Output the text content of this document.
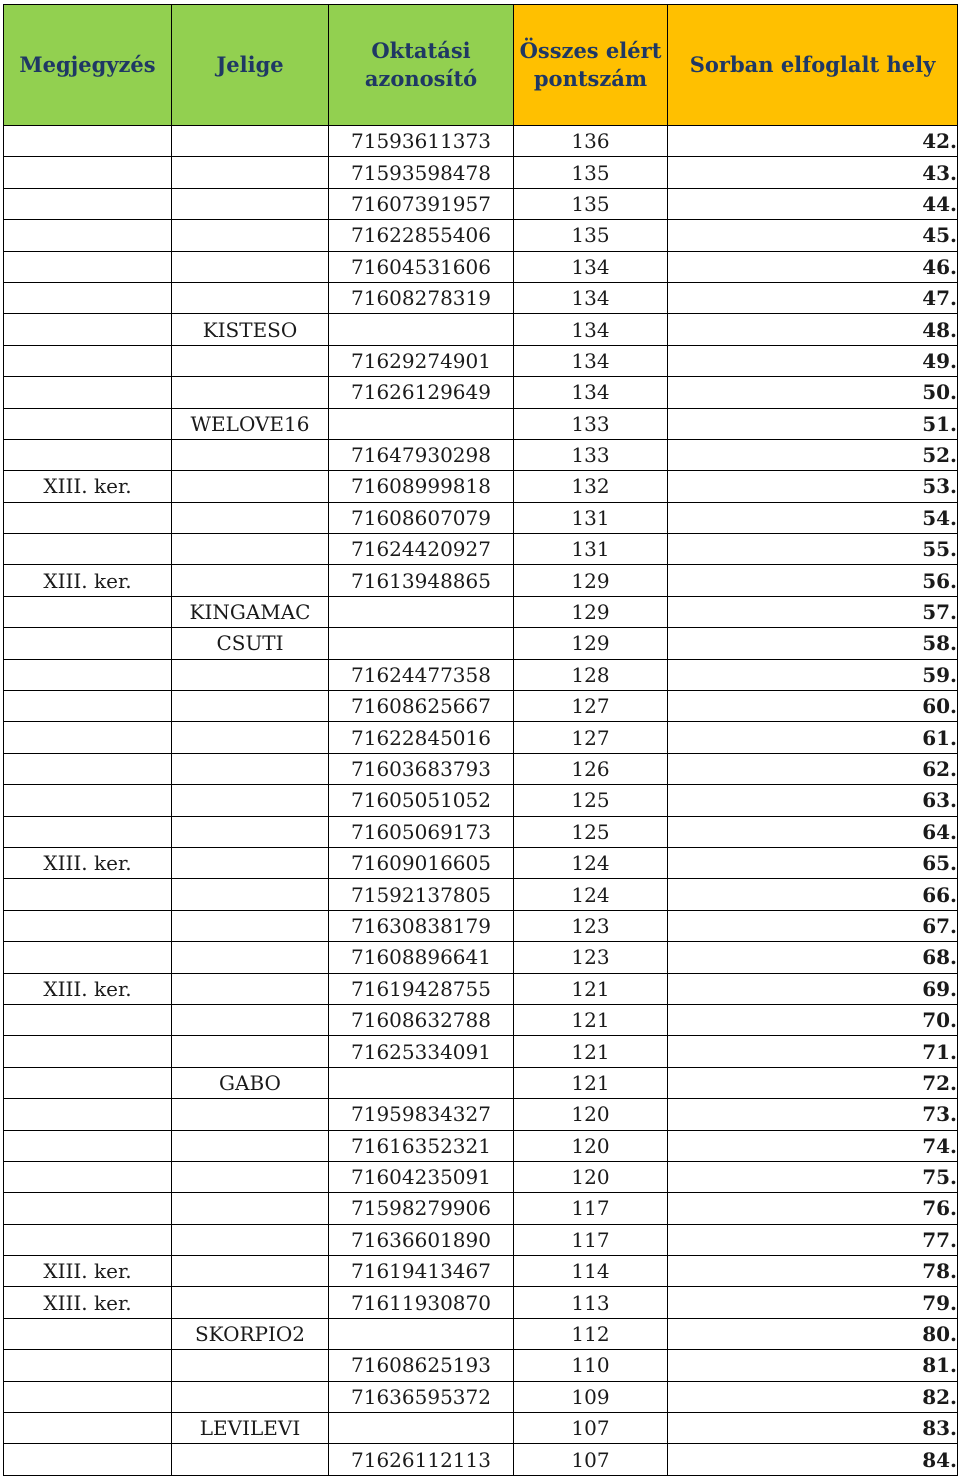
Megjegyzés	Jelige	Oktatási azonosító	Összes elért pontszám	Sorban elfoglalt hely
		71593611373	136	42.
		71593598478	135	43.
		71607391957	135	44.
		71622855406	135	45.
		71604531606	134	46.
		71608278319	134	47.
	KISTESO		134	48.
		71629274901	134	49.
		71626129649	134	50.
	WELOVE16		133	51.
		71647930298	133	52.
XIII. ker.		71608999818	132	53.
		71608607079	131	54.
		71624420927	131	55.
XIII. ker.		71613948865	129	56.
	KINGAMAC		129	57.
	CSUTI		129	58.
		71624477358	128	59.
		71608625667	127	60.
		71622845016	127	61.
		71603683793	126	62.
		71605051052	125	63.
		71605069173	125	64.
XIII. ker.		71609016605	124	65.
		71592137805	124	66.
		71630838179	123	67.
		71608896641	123	68.
XIII. ker.		71619428755	121	69.
		71608632788	121	70.
		71625334091	121	71.
	GABO		121	72.
		71959834327	120	73.
		71616352321	120	74.
		71604235091	120	75.
		71598279906	117	76.
		71636601890	117	77.
XIII. ker.		71619413467	114	78.
XIII. ker.		71611930870	113	79.
	SKORPIO2		112	80.
		71608625193	110	81.
		71636595372	109	82.
	LEVILEVI		107	83.
		71626112113	107	84.
